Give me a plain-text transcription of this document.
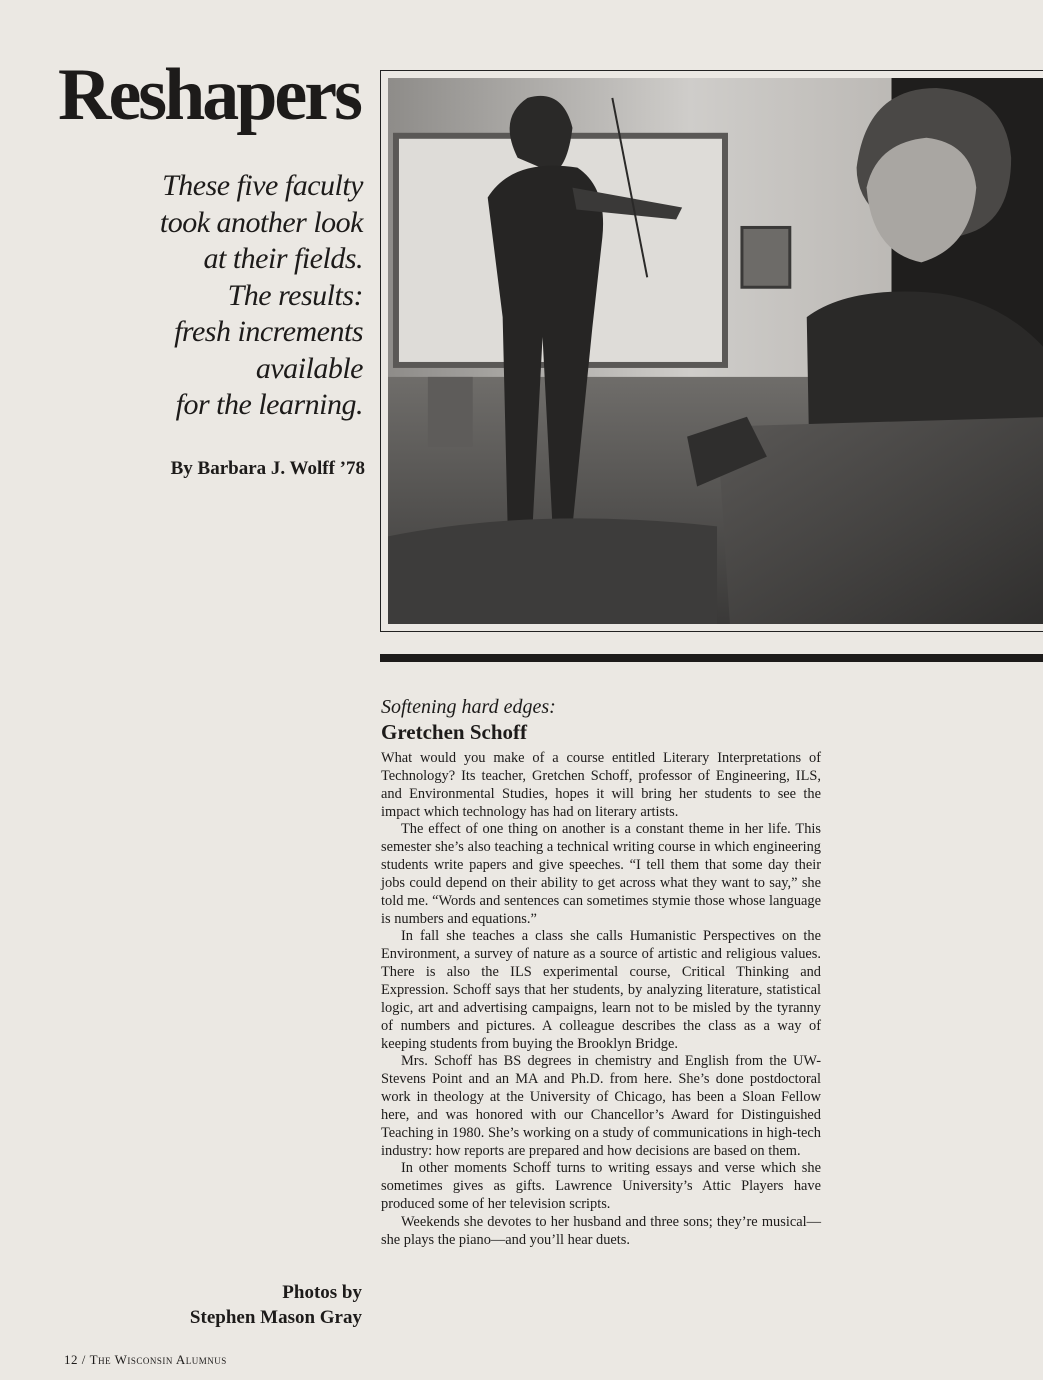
Reshapers
These five faculty
took another look
at their fields.
The results:
fresh increments
available
for the learning.
By Barbara J. Wolff ’78
Softening hard edges:
Gretchen Schoff

What would you make of a course entitled Literary Interpretations of Technology? Its teacher, Gretchen Schoff, professor of Engineering, ILS, and Environmental Studies, hopes it will bring her students to see the impact which technology has had on literary artists.

The effect of one thing on another is a constant theme in her life. This semester she’s also teaching a technical writing course in which engineering students write papers and give speeches. “I tell them that some day their jobs could depend on their ability to get across what they want to say,” she told me. “Words and sentences can sometimes stymie those whose language is numbers and equations.”

In fall she teaches a class she calls Humanistic Perspectives on the Environment, a survey of nature as a source of artistic and religious values. There is also the ILS experimental course, Critical Thinking and Expression. Schoff says that her students, by analyzing literature, statistical logic, art and advertising campaigns, learn not to be misled by the tyranny of numbers and pictures. A colleague describes the class as a way of keeping students from buying the Brooklyn Bridge.

Mrs. Schoff has BS degrees in chemistry and English from the UW-Stevens Point and an MA and Ph.D. from here. She’s done postdoctoral work in theology at the University of Chicago, has been a Sloan Fellow here, and was honored with our Chancellor’s Award for Distinguished Teaching in 1980. She’s working on a study of communications in high-tech industry: how reports are prepared and how decisions are based on them.

In other moments Schoff turns to writing essays and verse which she sometimes gives as gifts. Lawrence University’s Attic Players have produced some of her television scripts.

Weekends she devotes to her husband and three sons; they’re musical—she plays the piano—and you’ll hear duets.

Photos by
Stephen Mason Gray
12 / The Wisconsin Alumnus
